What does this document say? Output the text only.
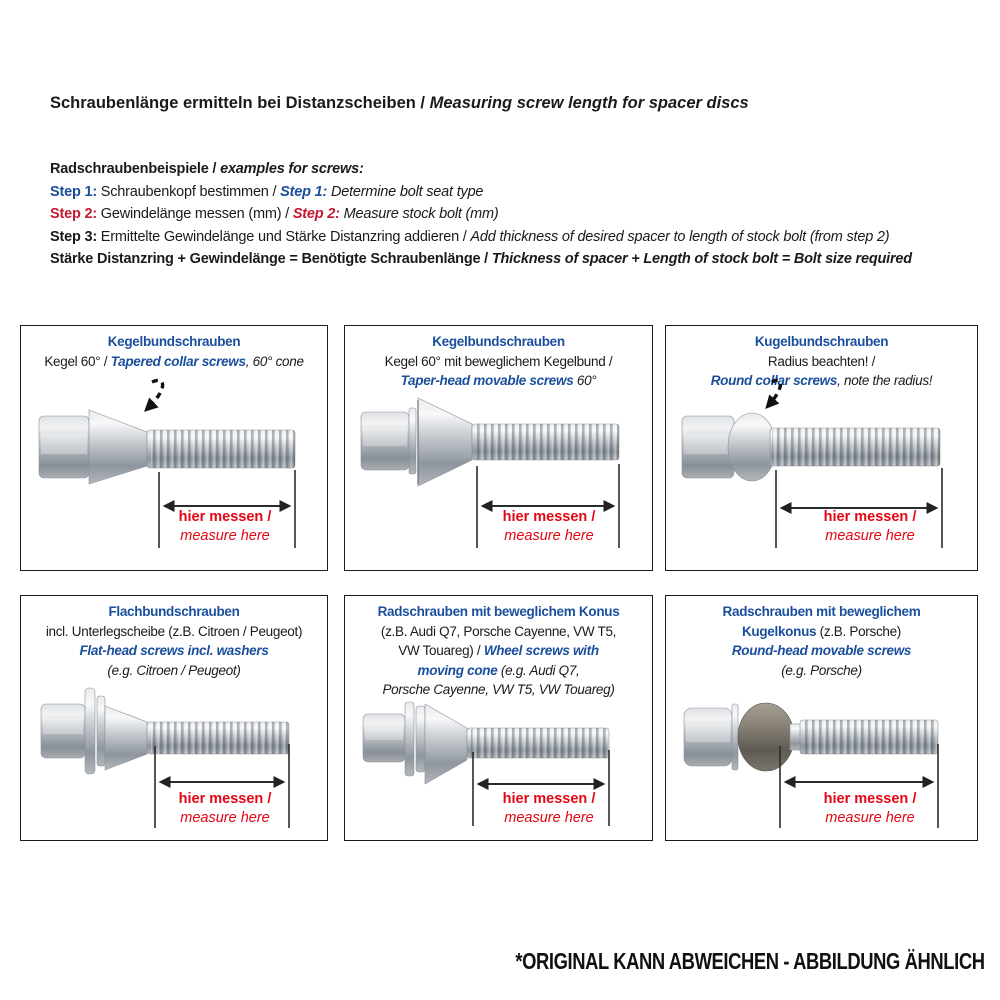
Schraubenlänge ermitteln bei Distanzscheiben / Measuring screw length for spacer discs
Radschraubenbeispiele / examples for screws:
Step 1: Schraubenkopf bestimmen / Step 1: Determine bolt seat type
Step 2: Gewindelänge messen (mm) / Step 2: Measure stock bolt (mm)
Step 3: Ermittelte Gewindelänge und Stärke Distanzring addieren / Add thickness of desired spacer to length of stock bolt (from step 2)
Stärke Distanzring + Gewindelänge = Benötigte Schraubenlänge / Thickness of spacer + Length of stock bolt = Bolt size required
Kegelbundschrauben
Kegel 60° / Tapered collar screws, 60° cone
hier messen /
measure here
Kegelbundschrauben
Kegel 60° mit beweglichem Kegelbund /
Taper-head movable screws 60°
hier messen /
measure here
Kugelbundschrauben
Radius beachten! /
Round collar screws, note the radius!
hier messen /
measure here
Flachbundschrauben
incl. Unterlegscheibe (z.B. Citroen / Peugeot)
Flat-head screws incl. washers
(e.g. Citroen / Peugeot)
hier messen /
measure here
Radschrauben mit beweglichem Konus
(z.B. Audi Q7, Porsche Cayenne, VW T5,
VW Touareg) / Wheel screws with
moving cone (e.g. Audi Q7,
Porsche Cayenne, VW T5, VW Touareg)
hier messen /
measure here
Radschrauben mit beweglichem
Kugelkonus (z.B. Porsche)
Round-head movable screws
(e.g. Porsche)
hier messen /
measure here
*ORIGINAL KANN ABWEICHEN - ABBILDUNG ÄHNLICH
